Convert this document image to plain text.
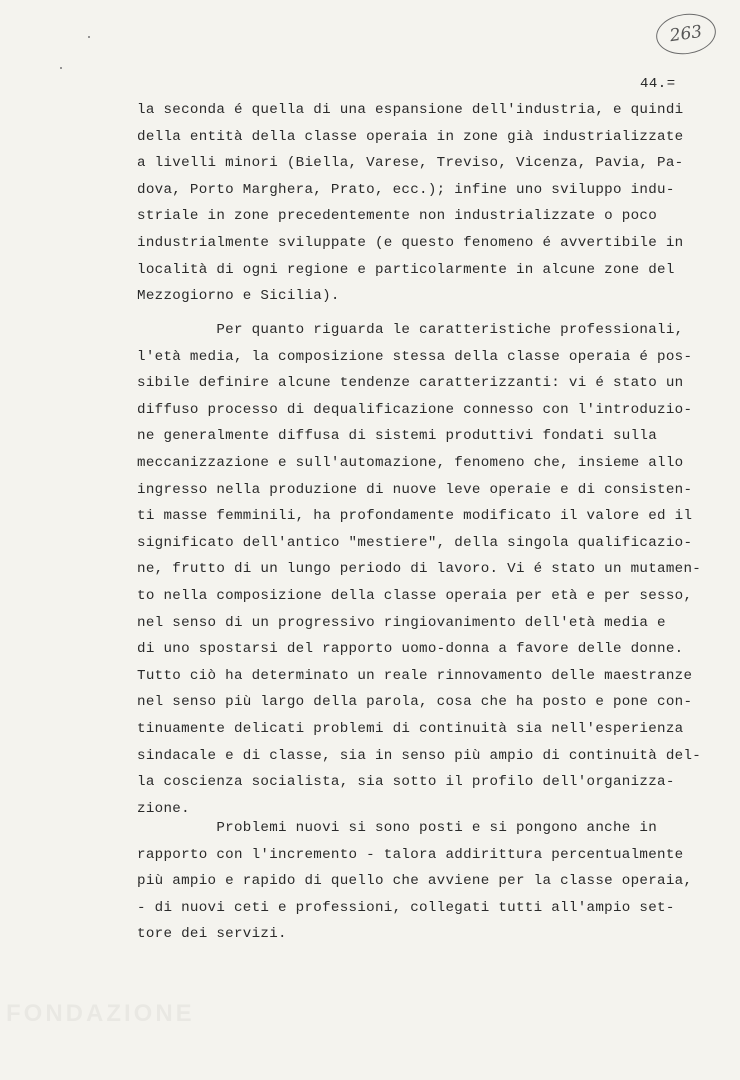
263
44.=
la seconda é quella di una espansione dell'industria, e quindi
della entità della classe operaia in zone già industrializzate
a livelli minori (Biella, Varese, Treviso, Vicenza, Pavia, Pa-
dova, Porto Marghera, Prato, ecc.); infine uno sviluppo indu-
striale in zone precedentemente non industrializzate o poco
industrialmente sviluppate (e questo fenomeno é avvertibile in
località di ogni regione e particolarmente in alcune zone del
Mezzogiorno e Sicilia).
Per quanto riguarda le caratteristiche professionali,
l'età media, la composizione stessa della classe operaia é pos-
sibile definire alcune tendenze caratterizzanti: vi é stato un
diffuso processo di dequalificazione connesso con l'introduzio-
ne generalmente diffusa di sistemi produttivi fondati sulla
meccanizzazione e sull'automazione, fenomeno che, insieme allo
ingresso nella produzione di nuove leve operaie e di consisten-
ti masse femminili, ha profondamente modificato il valore ed il
significato dell'antico "mestiere", della singola qualificazio-
ne, frutto di un lungo periodo di lavoro. Vi é stato un mutamen-
to nella composizione della classe operaia per età e per sesso,
nel senso di un progressivo ringiovanimento dell'età media e
di uno spostarsi del rapporto uomo-donna a favore delle donne.
Tutto ciò ha determinato un reale rinnovamento delle maestranze
nel senso più largo della parola, cosa che ha posto e pone con-
tinuamente delicati problemi di continuità sia nell'esperienza
sindacale e di classe, sia in senso più ampio di continuità del-
la coscienza socialista, sia sotto il profilo dell'organizza-
zione.
Problemi nuovi si sono posti e si pongono anche in
rapporto con l'incremento - talora addirittura percentualmente
più ampio e rapido di quello che avviene per la classe operaia,
- di nuovi ceti e professioni, collegati tutti all'ampio set-
tore dei servizi.
